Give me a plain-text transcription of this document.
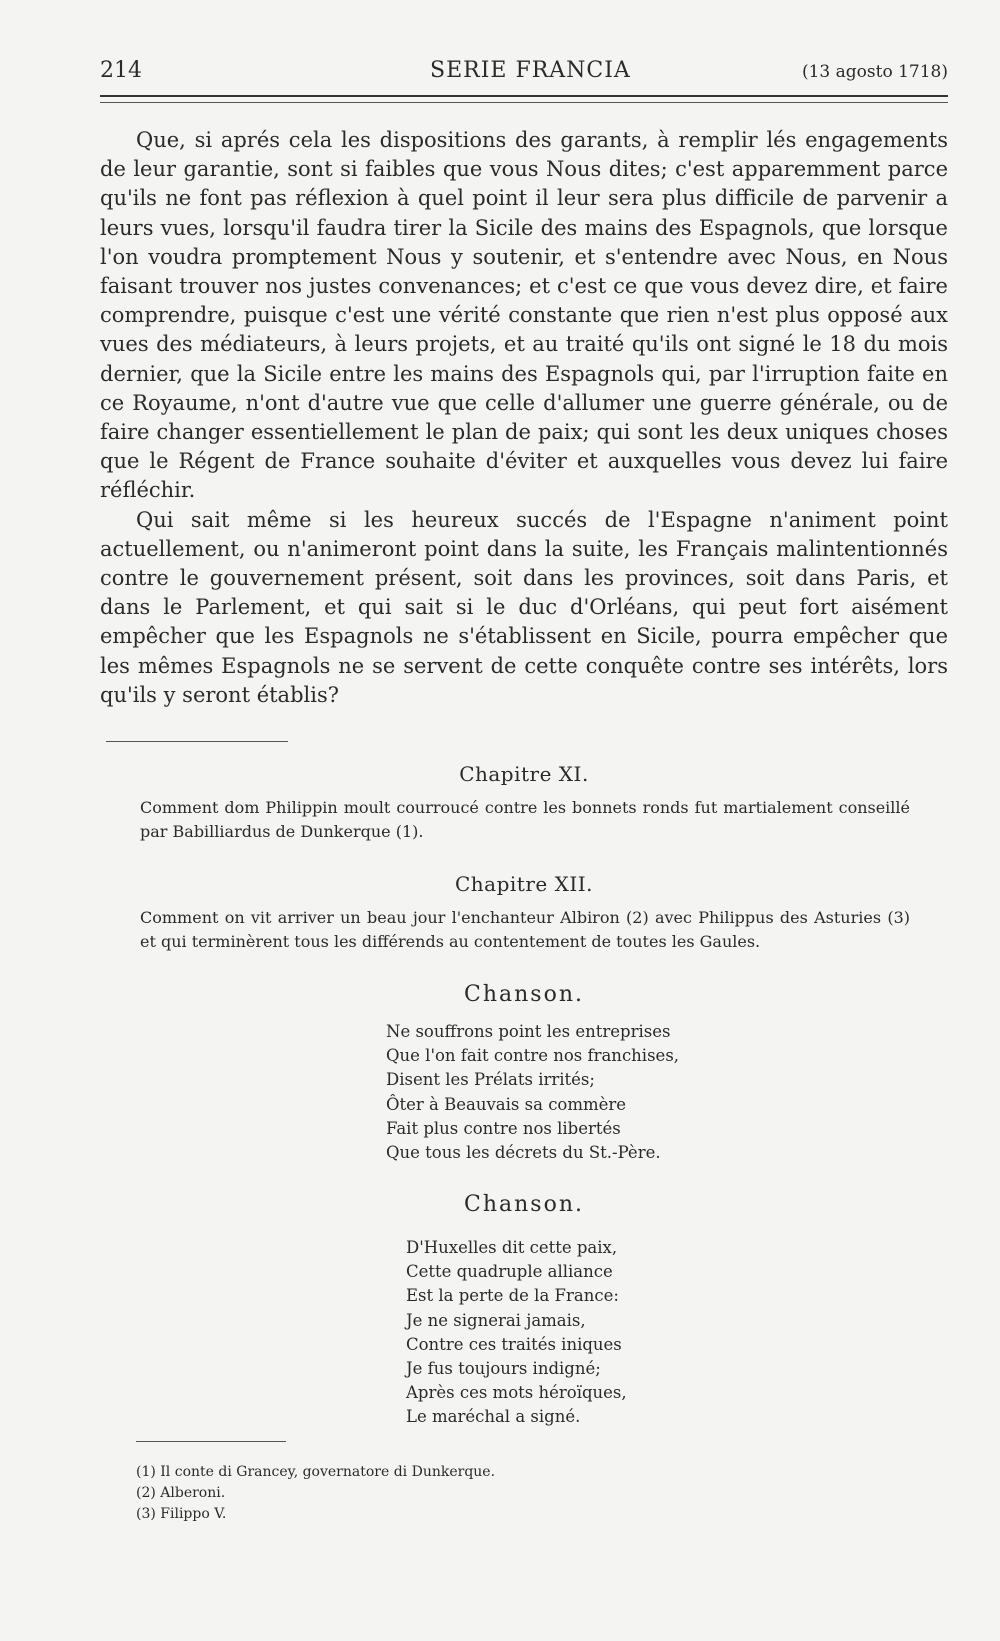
214	SERIE FRANCIA	(13 agosto 1718)

Que, si aprés cela les dispositions des garants, à remplir lés engagements de leur garantie, sont si faibles que vous Nous dites; c'est apparemment parce qu'ils ne font pas réflexion à quel point il leur sera plus difficile de parvenir a leurs vues, lorsqu'il faudra tirer la Sicile des mains des Espagnols, que lorsque l'on voudra promptement Nous y soutenir, et s'entendre avec Nous, en Nous faisant trouver nos justes convenances; et c'est ce que vous devez dire, et faire comprendre, puisque c'est une vérité constante que rien n'est plus opposé aux vues des médiateurs, à leurs projets, et au traité qu'ils ont signé le 18 du mois dernier, que la Sicile entre les mains des Espagnols qui, par l'irruption faite en ce Royaume, n'ont d'autre vue que celle d'allumer une guerre générale, ou de faire changer essentiellement le plan de paix; qui sont les deux uniques choses que le Régent de France souhaite d'éviter et auxquelles vous devez lui faire réfléchir.

Qui sait même si les heureux succés de l'Espagne n'animent point actuellement, ou n'animeront point dans la suite, les Français malintentionnés contre le gouvernement présent, soit dans les provinces, soit dans Paris, et dans le Parlement, et qui sait si le duc d'Orléans, qui peut fort aisément empêcher que les Espagnols ne s'établissent en Sicile, pourra empêcher que les mêmes Espagnols ne se servent de cette conquête contre ses intérêts, lors qu'ils y seront établis?

Chapitre XI.
Comment dom Philippin moult courroucé contre les bonnets ronds fut martialement conseillé par Babilliardus de Dunkerque (1).
Chapitre XII.
Comment on vit arriver un beau jour l'enchanteur Albiron (2) avec Philippus des Asturies (3) et qui terminèrent tous les différends au contentement de toutes les Gaules.
Chanson.
Ne souffrons point les entreprises
Que l'on fait contre nos franchises,
Disent les Prélats irrités;
Ôter à Beauvais sa commère
Fait plus contre nos libertés
Que tous les décrets du St.-Père.
Chanson.
D'Huxelles dit cette paix,
Cette quadruple alliance
Est la perte de la France:
Je ne signerai jamais,
Contre ces traités iniques
Je fus toujours indigné;
Après ces mots héroïques,
Le maréchal a signé.
(1) Il conte di Grancey, governatore di Dunkerque.
(2) Alberoni.
(3) Filippo V.
